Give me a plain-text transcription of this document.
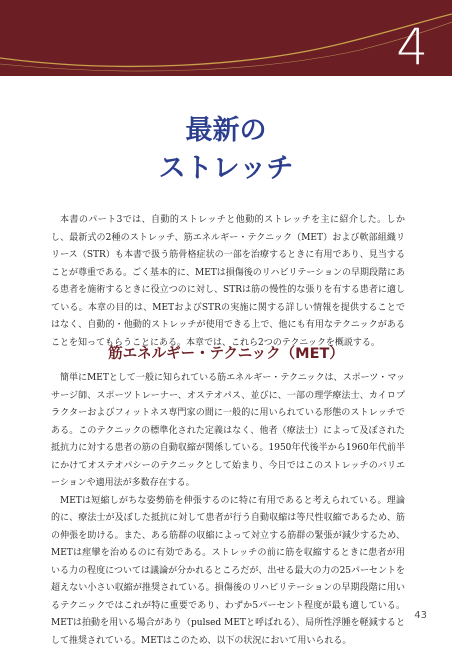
4
最新の
ストレッチ

本書のパート3では、自動的ストレッチと他動的ストレッチを主に紹介した。しかし、最新式の2種のストレッチ、筋エネルギー・テクニック（MET）および軟部組織リリース（STR）も本書で扱う筋骨格症状の一部を治療するときに有用であり、見当することが尊重である。ごく基本的に、METは損傷後のリハビリテーションの早期段階にある患者を施術するときに役立つのに対し、STRは筋の慢性的な張りを有する患者に適している。本章の目的は、METおよびSTRの実施に関する詳しい情報を提供することではなく、自動的・他動的ストレッチが使用できる上で、他にも有用なテクニックがあることを知ってもらうことにある。本章では、これら2つのテクニックを概説する。

筋エネルギー・テクニック（MET）

簡単にMETとして一般に知られている筋エネルギー・テクニックは、スポーツ・マッサージ師、スポーツトレーナー、オステオパス、並びに、一部の理学療法士、カイロプラクターおよびフィットネス専門家の間に一般的に用いられている形態のストレッチである。このテクニックの標準化された定義はなく、他者（療法士）によって及ぼされた抵抗力に対する患者の筋の自動収縮が関係している。1950年代後半から1960年代前半にかけてオステオパシーのテクニックとして始まり、今日ではこのストレッチのバリエーションや適用法が多数存在する。

METは短縮しがちな姿勢筋を伸張するのに特に有用であると考えられている。理論的に、療法士が及ぼした抵抗に対して患者が行う自動収縮は等尺性収縮であるため、筋の伸張を助ける。また、ある筋群の収縮によって対立する筋群の緊張が減少するため、METは痙攣を治めるのに有効である。ストレッチの前に筋を収縮するときに患者が用いる力の程度については議論が分かれるところだが、出せる最大の力の25パーセントを超えない小さい収縮が推奨されている。損傷後のリハビリテーションの早期段階に用いるテクニックではこれが特に重要であり、わずか5パーセント程度が最も適している。METは拍動を用いる場合があり（pulsed METと呼ばれる）、局所性浮腫を軽減するとして推奨されている。METはこのため、以下の状況において用いられる。

43
